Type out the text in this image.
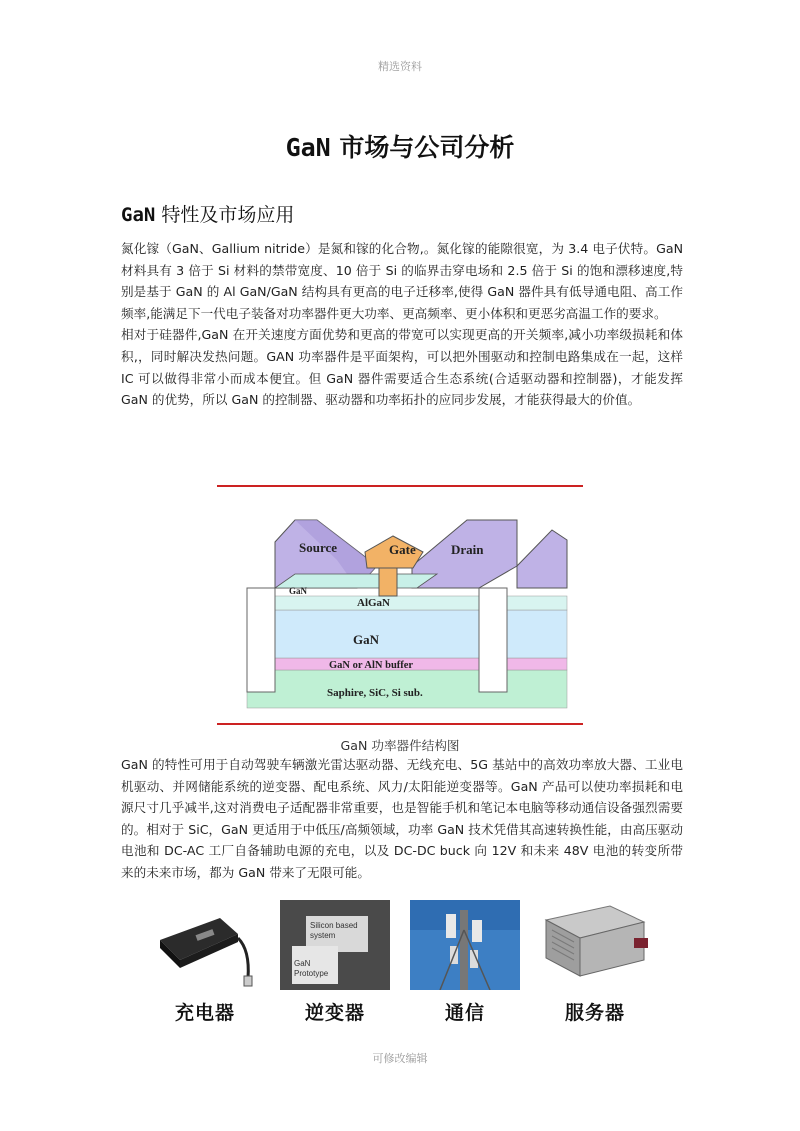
精选资料
GaN 市场与公司分析
GaN 特性及市场应用

氮化镓（GaN、Gallium nitride）是氮和镓的化合物,。氮化镓的能隙很宽，为 3.4 电子伏特。GaN 材料具有 3 倍于 Si 材料的禁带宽度、10 倍于 Si 的临界击穿电场和 2.5 倍于 Si 的饱和漂移速度,特别是基于 GaN 的 Al GaN/GaN 结构具有更高的电子迁移率,使得 GaN 器件具有低导通电阻、高工作频率,能满足下一代电子装备对功率器件更大功率、更高频率、更小体积和更恶劣高温工作的要求。

相对于硅器件,GaN 在开关速度方面优势和更高的带宽可以实现更高的开关频率,减小功率级损耗和体积,，同时解决发热问题。GAN 功率器件是平面架构，可以把外围驱动和控制电路集成在一起，这样 IC 可以做得非常小而成本便宜。但 GaN 器件需要适合生态系统(合适驱动器和控制器)，才能发挥 GaN 的优势，所以 GaN 的控制器、驱动器和功率拓扑的应同步发展，才能获得最大的价值。

Source	Gate	Drain
GaN
AlGaN
GaN
GaN or AlN buffer
Saphire, SiC, Si sub.
GaN 功率器件结构图

GaN 的特性可用于自动驾驶车辆激光雷达驱动器、无线充电、5G 基站中的高效功率放大器、工业电机驱动、并网储能系统的逆变器、配电系统、风力/太阳能逆变器等。GaN 产品可以使功率损耗和电源尺寸几乎减半,这对消费电子适配器非常重要，也是智能手机和笔记本电脑等移动通信设备强烈需要的。相对于 SiC，GaN 更适用于中低压/高频领域，功率 GaN 技术凭借其高速转换性能，由高压驱动电池和 DC-AC 工厂自备辅助电源的充电，以及 DC-DC buck 向 12V 和未来 48V 电池的转变所带来的未来市场，都为 GaN 带来了无限可能。

充电器
Silicon based
system
GaN
Prototype
逆变器	通信	服务器
可修改编辑
